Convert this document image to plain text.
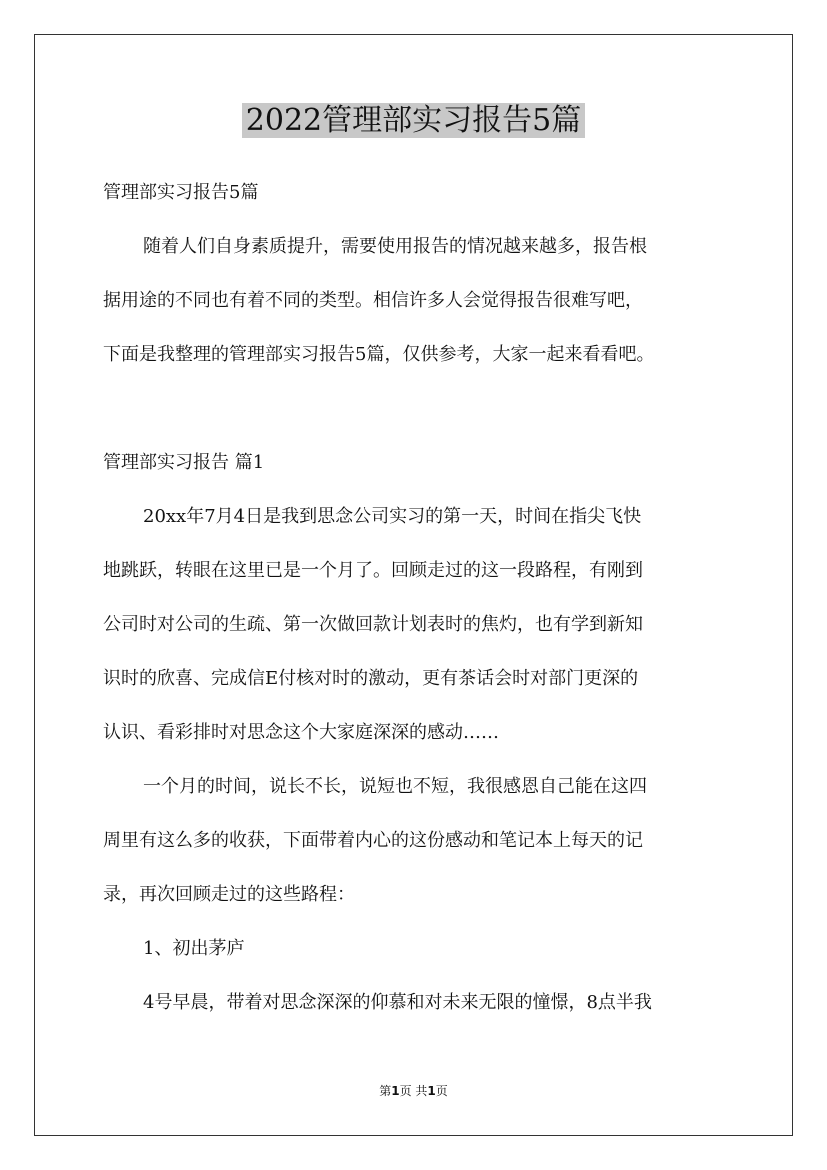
2022管理部实习报告5篇
管理部实习报告5篇
随着人们自身素质提升，需要使用报告的情况越来越多，报告根
据用途的不同也有着不同的类型。相信许多人会觉得报告很难写吧，
下面是我整理的管理部实习报告5篇，仅供参考，大家一起来看看吧。
管理部实习报告 篇1
20xx年7月4日是我到思念公司实习的第一天，时间在指尖飞快
地跳跃，转眼在这里已是一个月了。回顾走过的这一段路程，有刚到
公司时对公司的生疏、第一次做回款计划表时的焦灼，也有学到新知
识时的欣喜、完成信E付核对时的激动，更有茶话会时对部门更深的
认识、看彩排时对思念这个大家庭深深的感动……
一个月的时间，说长不长，说短也不短，我很感恩自己能在这四
周里有这么多的收获，下面带着内心的这份感动和笔记本上每天的记
录，再次回顾走过的这些路程：
1、初出茅庐
4号早晨，带着对思念深深的仰慕和对未来无限的憧憬，8点半我
第1页 共1页
